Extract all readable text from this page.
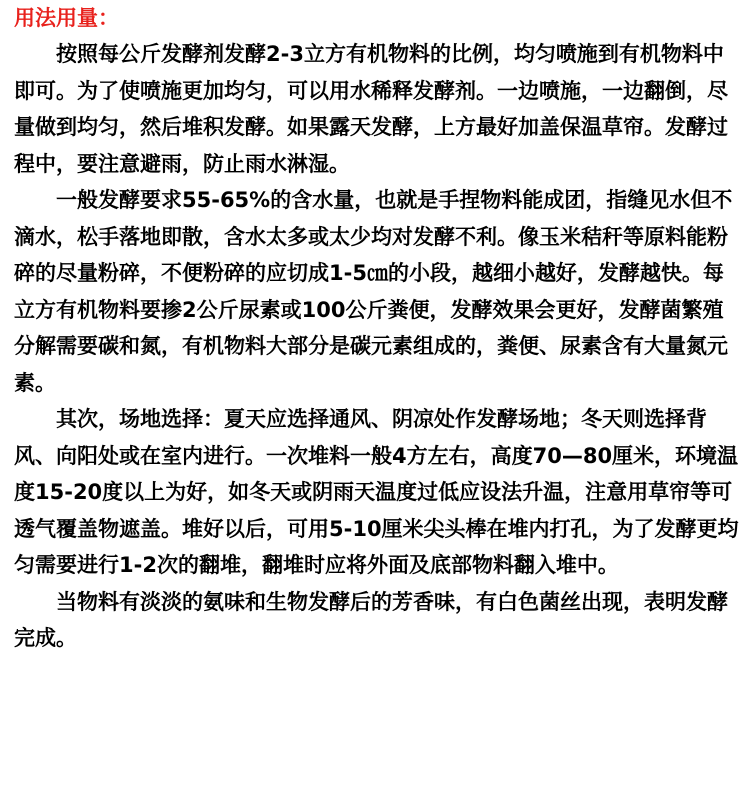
用法用量：

按照每公斤发酵剂发酵2-3立方有机物料的比例，均匀喷施到有机物料中即可。为了使喷施更加均匀，可以用水稀释发酵剂。一边喷施，一边翻倒，尽量做到均匀，然后堆积发酵。如果露天发酵，上方最好加盖保温草帘。发酵过程中，要注意避雨，防止雨水淋湿。

一般发酵要求55-65%的含水量，也就是手捏物料能成团，指缝见水但不滴水，松手落地即散，含水太多或太少均对发酵不利。像玉米秸秆等原料能粉碎的尽量粉碎，不便粉碎的应切成1-5㎝的小段，越细小越好，发酵越快。每立方有机物料要掺2公斤尿素或100公斤粪便，发酵效果会更好，发酵菌繁殖分解需要碳和氮，有机物料大部分是碳元素组成的，粪便、尿素含有大量氮元素。

其次，场地选择：夏天应选择通风、阴凉处作发酵场地；冬天则选择背风、向阳处或在室内进行。一次堆料一般4方左右，高度70—80厘米，环境温度15-20度以上为好，如冬天或阴雨天温度过低应设法升温，注意用草帘等可透气覆盖物遮盖。堆好以后，可用5-10厘米尖头棒在堆内打孔，为了发酵更均匀需要进行1-2次的翻堆，翻堆时应将外面及底部物料翻入堆中。

当物料有淡淡的氨味和生物发酵后的芳香味，有白色菌丝出现，表明发酵完成。
